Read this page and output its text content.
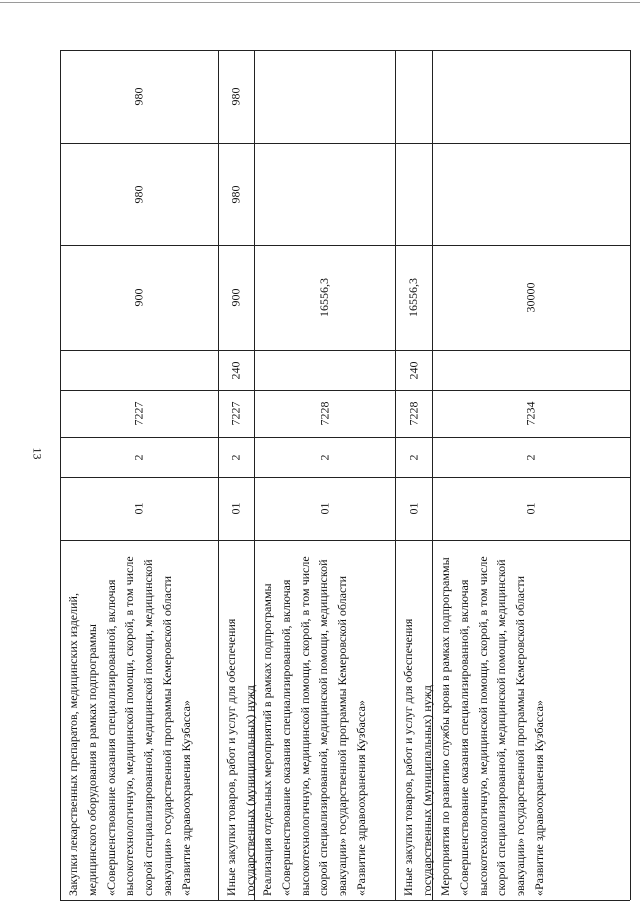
13
980
980
900
7227
2
01
Закупки лекарственных препаратов, медицинских изделий, медицинского оборудования в рамках подпрограммы «Совершенствование оказания специализированной, включая высокотехнологичную, медицинской помощи, скорой, в том числе скорой специализированной, медицинской помощи, медицинской эвакуации» государственной программы Кемеровской области «Развитие здравоохранения Кузбасса»
980
980
900
240
7227
2
01
Иные закупки товаров, работ и услуг для обеспечения государственных (муниципальных) нужд
16556,3
7228
2
01
Реализация отдельных мероприятий в рамках подпрограммы «Совершенствование оказания специализированной, включая высокотехнологичную, медицинской помощи, скорой, в том числе скорой специализированной, медицинской помощи, медицинской эвакуации» государственной программы Кемеровской области «Развитие здравоохранения Кузбасса»
16556,3
240
7228
2
01
Иные закупки товаров, работ и услуг для обеспечения государственных (муниципальных) нужд
30000
7234
2
01
Мероприятия по развитию службы крови в рамках подпрограммы «Совершенствование оказания специализированной, включая высокотехнологичную, медицинской помощи, скорой, в том числе скорой специализированной, медицинской помощи, медицинской эвакуации» государственной программы Кемеровской области «Развитие здравоохранения Кузбасса»
